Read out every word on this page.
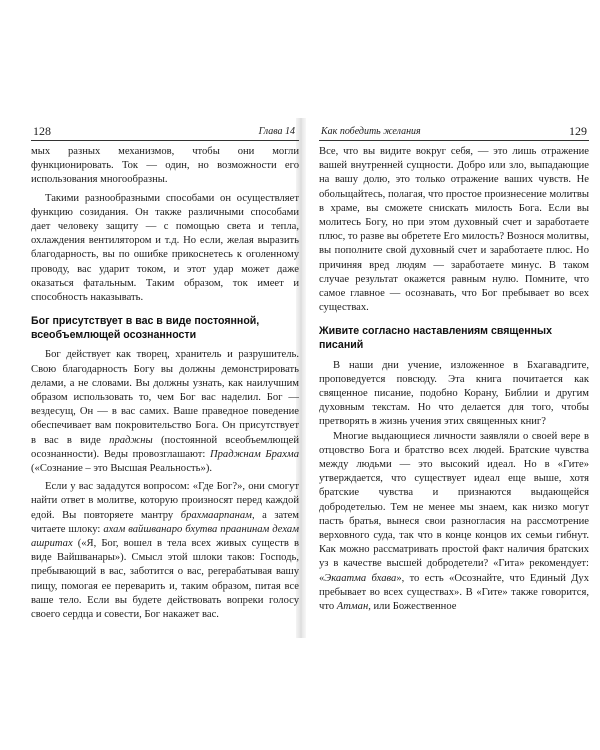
128	Глава 14

мых разных механизмов, чтобы они могли функционировать. Ток — один, но возможности его использования многообразны.

Такими разнообразными способами он осуществляет функцию созидания. Он также различными способами дает человеку защиту — с помощью света и тепла, охлаждения вентилятором и т.д. Но если, желая выразить благодарность, вы по ошибке прикоснетесь к оголенному проводу, вас ударит током, и этот удар может даже оказаться фатальным. Таким образом, ток имеет и способность наказывать.

Бог присутствует в вас в виде постоянной, всеобъемлющей осознанности

Бог действует как творец, хранитель и разрушитель. Свою благодарность Богу вы должны демонстрировать делами, а не словами. Вы должны узнать, как наилучшим образом использовать то, чем Бог вас наделил. Бог — вездесущ, Он — в вас самих. Ваше праведное поведение обеспечивает вам покровительство Бога. Он присутствует в вас в виде праджны (постоянной всеобъемлющей осознанности). Веды провозглашают: Праджнам Брахма («Сознание – это Высшая Реальность»).

Если у вас зададутся вопросом: «Где Бог?», они смогут найти ответ в молитве, которую произносят перед каждой едой. Вы повторяете мантру брахмаарпанам, а затем читаете шлоку: ахам вайшванаро бхутва праанинам дехам ашритах («Я, Бог, вошел в тела всех живых существ в виде Вайшванары»). Смысл этой шлоки таков: Господь, пребывающий в вас, заботится о вас, perерабатывая вашу пищу, помогая ее переварить и, таким образом, питая все ваше тело. Если вы будете действовать вопреки голосу своего сердца и совести, Бог накажет вас.

Как победить желания	129

Все, что вы видите вокруг себя, — это лишь отражение вашей внутренней сущности. Добро или зло, выпадающие на вашу долю, это только отражение ваших чувств. Не обольщайтесь, полагая, что простое произнесение молитвы в храме, вы сможете снискать милость Бога. Если вы молитесь Богу, но при этом духовный счет и заработаете плюс, то разве вы обретете Его милость? Вознося молитвы, вы пополните свой духовный счет и заработаете плюс. Но причиняя вред людям — заработаете минус. В таком случае результат окажется равным нулю. Помните, что самое главное — осознавать, что Бог пребывает во всех существах.

Живите согласно наставлениям священных писаний

В наши дни учение, изложенное в Бхагавадгите, проповедуется повсюду. Эта книга почитается как священное писание, подобно Корану, Библии и другим духовным текстам. Но что делается для того, чтобы претворять в жизнь учения этих священных книг?

Многие выдающиеся личности заявляли о своей вере в отцовство Бога и братство всех людей. Братские чувства между людьми — это высокий идеал. Но в «Гите» утверждается, что существует идеал еще выше, хотя братские чувства и признаются выдающейся добродетелью. Тем не менее мы знаем, как низко могут пасть братья, вынеся свои разногласия на рассмотрение верховного суда, так что в конце концов их семьи гибнут. Как можно рассматривать простой факт наличия братских уз в качестве высшей добродетели? «Гита» рекомендует: «Экаатма бхава», то есть «Осознайте, что Единый Дух пребывает во всех существах». В «Гите» также говорится, что Атман, или Божественное
